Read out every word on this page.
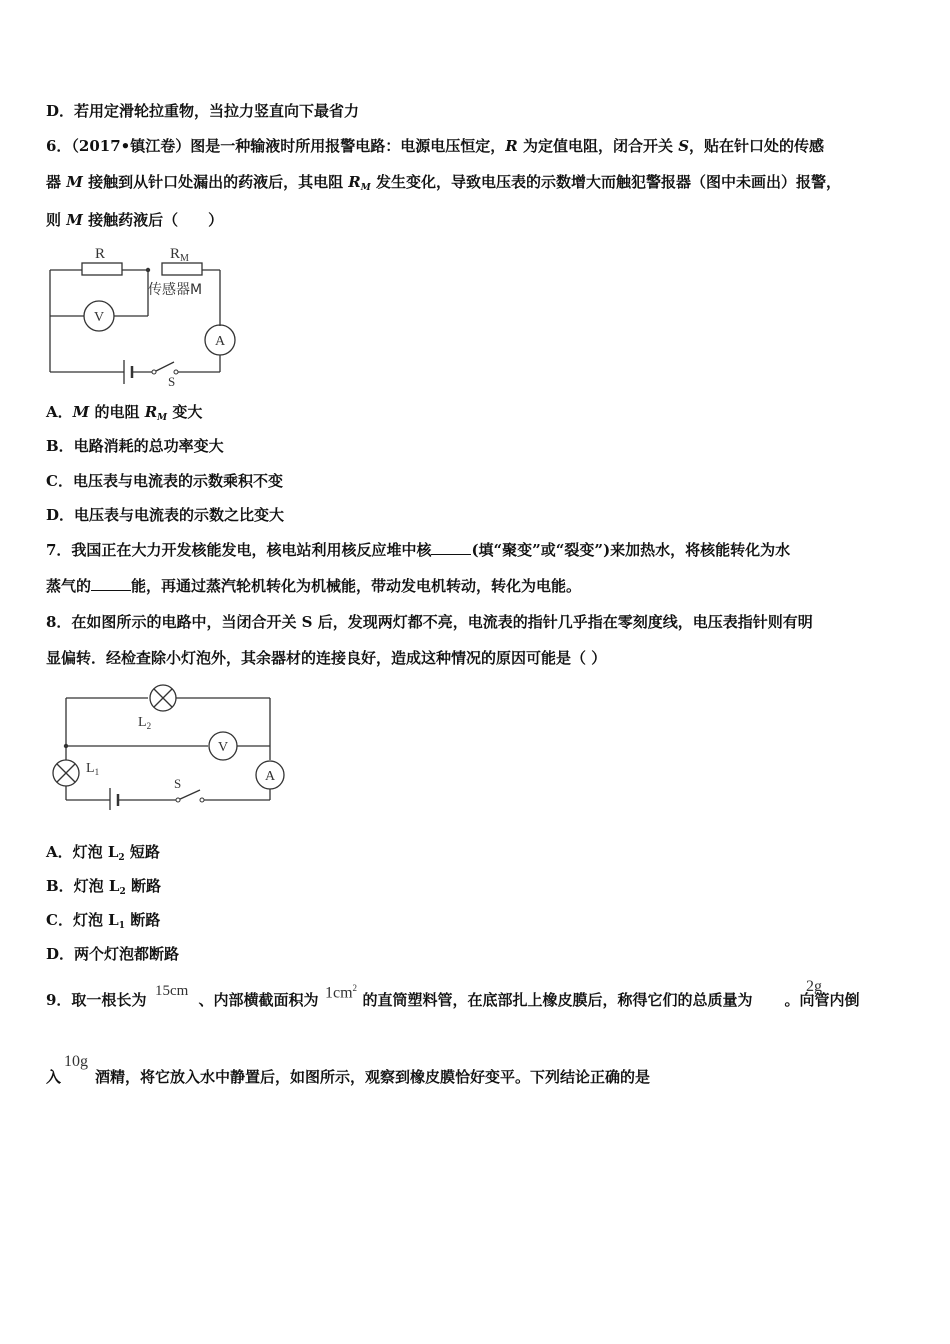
D．若用定滑轮拉重物，当拉力竖直向下最省力
6．（2017•镇江卷）图是一种输液时所用报警电路：电源电压恒定，R 为定值电阻，闭合开关 S，贴在针口处的传感
器 M 接触到从针口处漏出的药液后，其电阻 $R_M$ 发生变化，导致电压表的示数增大而触犯警报器（图中未画出）报警，
则 M 接触药液后（　　）
R	$R_M$
传感器M
V
A
S
A．M 的电阻 $R_M$ 变大
B．电路消耗的总功率变大
C．电压表与电流表的示数乘积不变
D．电压表与电流表的示数之比变大
7．我国正在大力开发核能发电，核电站利用核反应堆中核	(填“聚变”或“裂变”)来加热水，将核能转化为水
蒸气的	能，再通过蒸汽轮机转化为机械能，带动发电机转动，转化为电能。
8．在如图所示的电路中，当闭合开关 S 后，发现两灯都不亮，电流表的指针几乎指在零刻度线，电压表指针则有明
显偏转．经检查除小灯泡外，其余器材的连接良好，造成这种情况的原因可能是（ ）
$L_2$
$L_1$
V
A
S
A．灯泡 $L_2$ 短路
B．灯泡 $L_2$ 断路
C．灯泡 $L_1$ 断路
D．两个灯泡都断路
9．取一根长为	、内部横截面积为	的直筒塑料管，在底部扎上橡皮膜后，称得它们的总质量为 。向管内倒
15cm	$1cm^2$	2g
入 酒精，将它放入水中静置后，如图所示，观察到橡皮膜恰好变平。下列结论正确的是
10g
